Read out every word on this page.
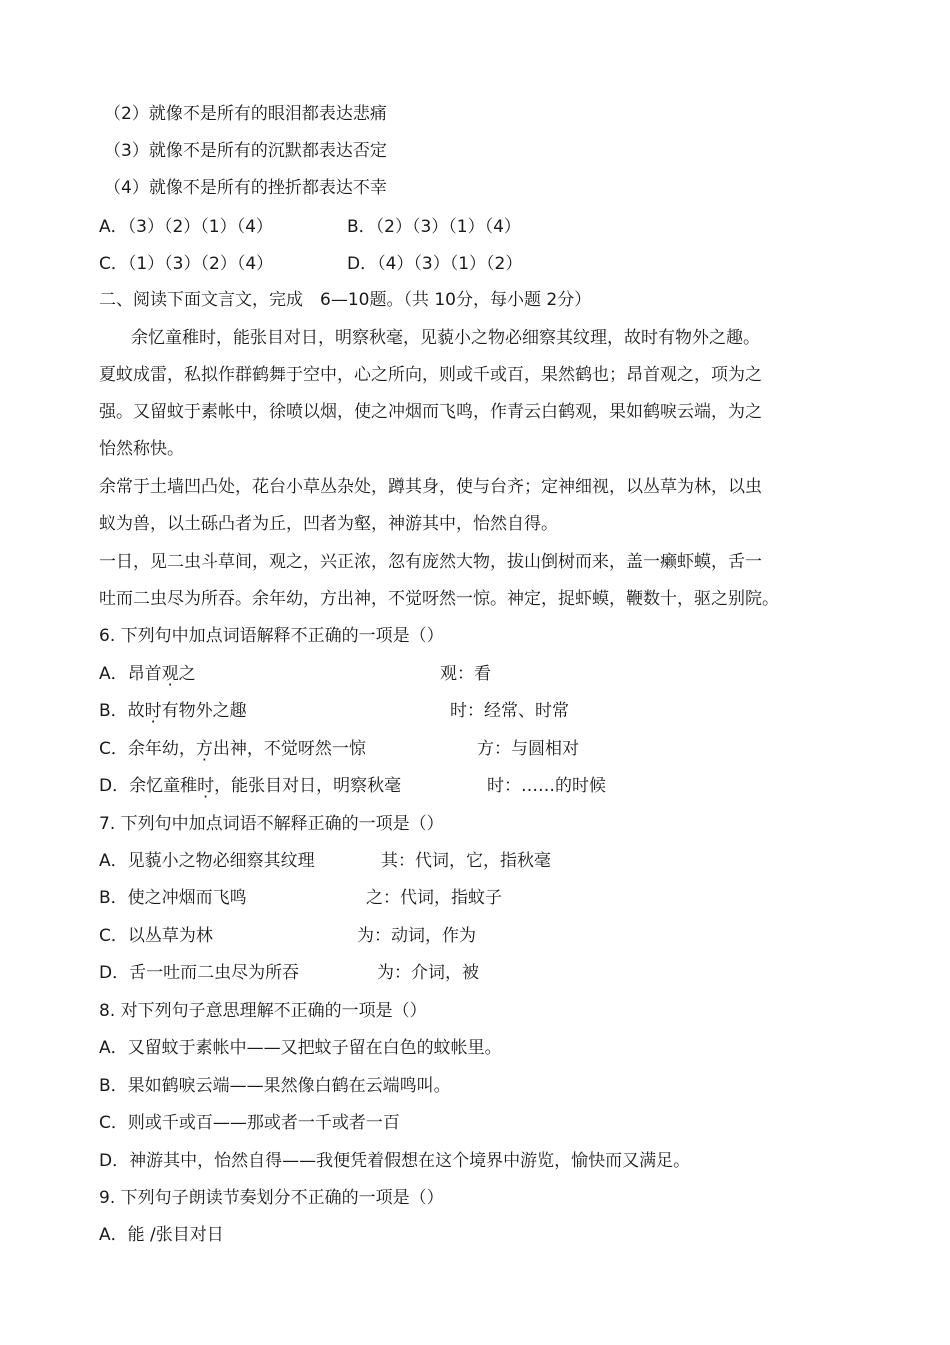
（2）就像不是所有的眼泪都表达悲痛
（3）就像不是所有的沉默都表达否定
（4）就像不是所有的挫折都表达不幸
A．（3）（2）（1）（4）	B．（2）（3）（1）（4）
C．（1）（3）（2）（4）	D．（4）（3）（1）（2）
二、阅读下面文言文，完成　6—10题。（共 10分，每小题 2分）
余忆童稚时，能张目对日，明察秋毫，见藐小之物必细察其纹理，故时有物外之趣。
夏蚊成雷，私拟作群鹤舞于空中，心之所向，则或千或百，果然鹤也；昂首观之，项为之
强。又留蚊于素帐中，徐喷以烟，使之冲烟而飞鸣，作青云白鹤观，果如鹤唳云端，为之
怡然称快。
余常于土墙凹凸处，花台小草丛杂处，蹲其身，使与台齐；定神细视，以丛草为林，以虫
蚁为兽，以土砾凸者为丘，凹者为壑，神游其中，怡然自得。
一日，见二虫斗草间，观之，兴正浓，忽有庞然大物，拔山倒树而来，盖一癞虾蟆，舌一
吐而二虫尽为所吞。余年幼，方出神，不觉呀然一惊。神定，捉虾蟆，鞭数十，驱之别院。
6. 下列句中加点词语解释不正确的一项是（）
A．昂首观之	观：看
B．故时有物外之趣	时：经常、时常
C．余年幼，方出神，不觉呀然一惊	方：与圆相对
D．余忆童稚时，能张目对日，明察秋毫	时：……的时候
7. 下列句中加点词语不解释正确的一项是（）
A．见藐小之物必细察其纹理	其：代词，它，指秋毫
B．使之冲烟而飞鸣	之：代词，指蚊子
C．以丛草为林	为：动词，作为
D．舌一吐而二虫尽为所吞	为：介词，被
8. 对下列句子意思理解不正确的一项是（）
A．又留蚊于素帐中——又把蚊子留在白色的蚊帐里。
B．果如鹤唳云端——果然像白鹤在云端鸣叫。
C．则或千或百——那或者一千或者一百
D．神游其中，怡然自得——我便凭着假想在这个境界中游览，愉快而又满足。
9. 下列句子朗读节奏划分不正确的一项是（）
A．能 /张目对日
